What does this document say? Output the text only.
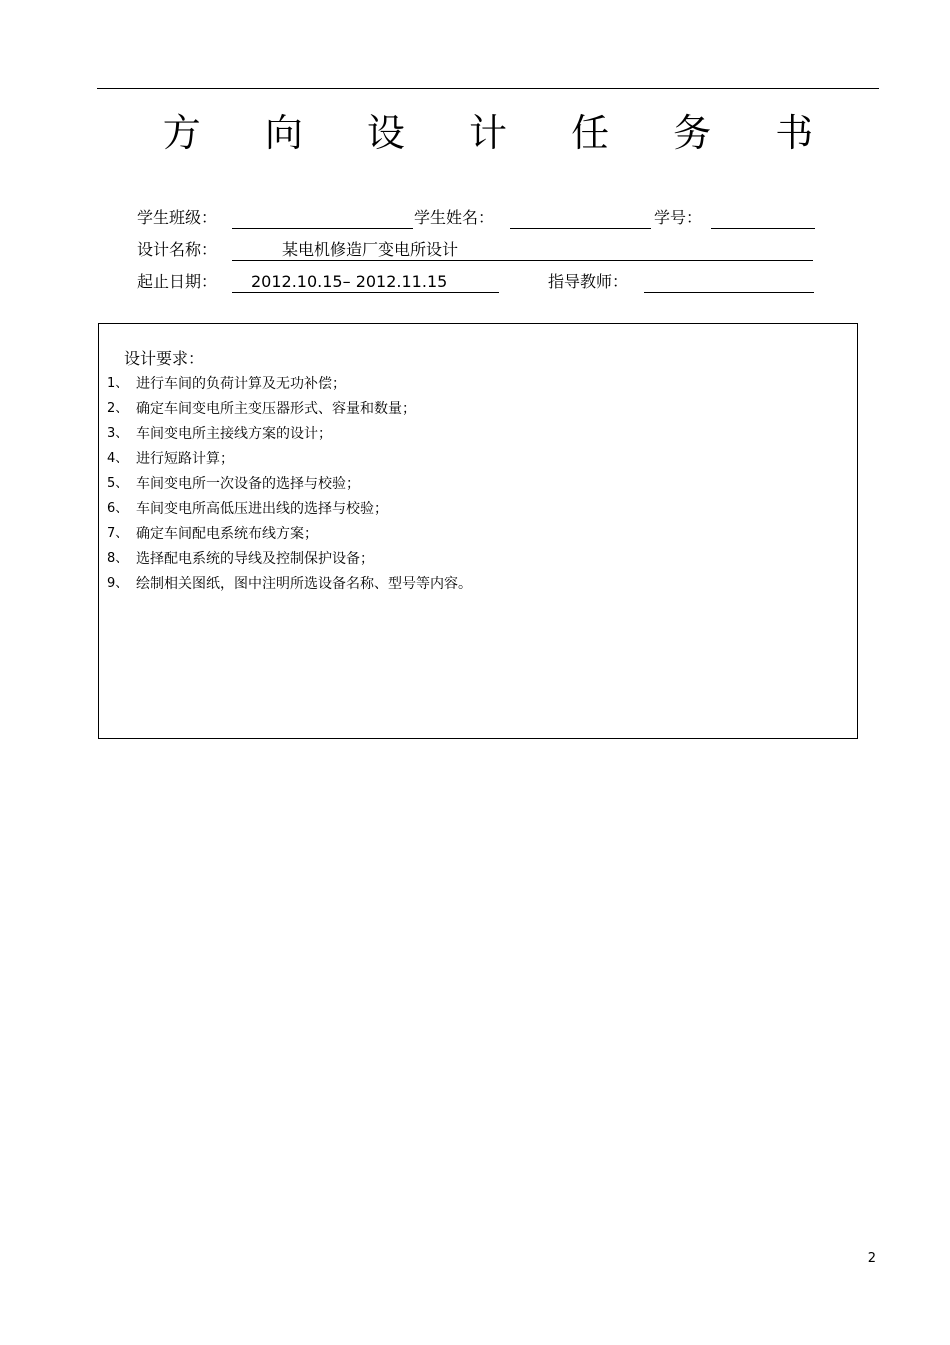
方 向 设 计 任 务 书
学生班级：	学生姓名：	学号：
设计名称：	某电机修造厂变电所设计
起止日期： 2012.10.15– 2012.11.15	指导教师：
设计要求：
1、 进行车间的负荷计算及无功补偿；
2、 确定车间变电所主变压器形式、容量和数量；
3、 车间变电所主接线方案的设计；
4、 进行短路计算；
5、 车间变电所一次设备的选择与校验；
6、 车间变电所高低压进出线的选择与校验；
7、 确定车间配电系统布线方案；
8、 选择配电系统的导线及控制保护设备；
9、 绘制相关图纸，图中注明所选设备名称、型号等内容。
2
